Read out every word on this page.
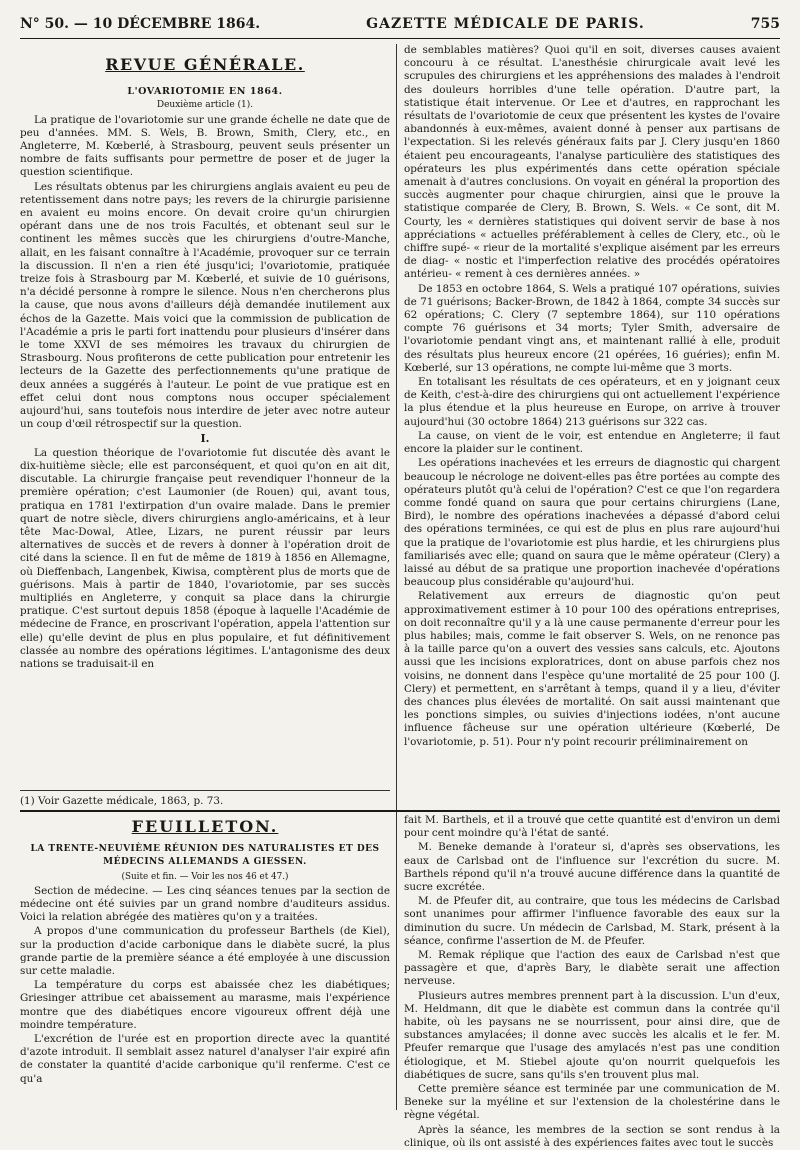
N° 50. — 10 DÉCEMBRE 1864.	GAZETTE MÉDICALE DE PARIS.	755
REVUE GÉNÉRALE.

L'OVARIOTOMIE EN 1864.

Deuxième article (1).

La pratique de l'ovariotomie sur une grande échelle ne date que de peu d'années. MM. S. Wels, B. Brown, Smith, Clery, etc., en Angleterre, M. Kœberlé, à Strasbourg, peuvent seuls présenter un nombre de faits suffisants pour permettre de poser et de juger la question scientifique.

Les résultats obtenus par les chirurgiens anglais avaient eu peu de retentissement dans notre pays; les revers de la chirurgie parisienne en avaient eu moins encore. On devait croire qu'un chirurgien opérant dans une de nos trois Facultés, et obtenant seul sur le continent les mêmes succès que les chirurgiens d'outre-Manche, allait, en les faisant connaître à l'Académie, provoquer sur ce terrain la discussion. Il n'en a rien été jusqu'ici; l'ovariotomie, pratiquée treize fois à Strasbourg par M. Kœberlé, et suivie de 10 guérisons, n'a décidé personne à rompre le silence. Nous n'en chercherons plus la cause, que nous avons d'ailleurs déjà demandée inutilement aux échos de la Gazette. Mais voici que la commission de publication de l'Académie a pris le parti fort inattendu pour plusieurs d'insérer dans le tome XXVI de ses mémoires les travaux du chirurgien de Strasbourg. Nous profiterons de cette publication pour entretenir les lecteurs de la Gazette des perfectionnements qu'une pratique de deux années a suggérés à l'auteur. Le point de vue pratique est en effet celui dont nous comptons nous occuper spécialement aujourd'hui, sans toutefois nous interdire de jeter avec notre auteur un coup d'œil rétrospectif sur la question.

I.

La question théorique de l'ovariotomie fut discutée dès avant le dix-huitième siècle; elle est parconséquent, et quoi qu'on en ait dit, discutable. La chirurgie française peut revendiquer l'honneur de la première opération; c'est Laumonier (de Rouen) qui, avant tous, pratiqua en 1781 l'extirpation d'un ovaire malade. Dans le premier quart de notre siècle, divers chirurgiens anglo-américains, et à leur tête Mac-Dowal, Atlee, Lizars, ne purent réussir par leurs alternatives de succès et de revers à donner à l'opération droit de cité dans la science. Il en fut de même de 1819 à 1856 en Allemagne, où Dieffenbach, Langenbek, Kiwisa, comptèrent plus de morts que de guérisons. Mais à partir de 1840, l'ovariotomie, par ses succès multipliés en Angleterre, y conquit sa place dans la chirurgie pratique. C'est surtout depuis 1858 (époque à laquelle l'Académie de médecine de France, en proscrivant l'opération, appela l'attention sur elle) qu'elle devint de plus en plus populaire, et fut définitivement classée au nombre des opérations légitimes. L'antagonisme des deux nations se traduisait-il en

(1) Voir Gazette médicale, 1863, p. 73.

de semblables matières? Quoi qu'il en soit, diverses causes avaient concouru à ce résultat. L'anesthésie chirurgicale avait levé les scrupules des chirurgiens et les appréhensions des malades à l'endroit des douleurs horribles d'une telle opération. D'autre part, la statistique était intervenue. Or Lee et d'autres, en rapprochant les résultats de l'ovariotomie de ceux que présentent les kystes de l'ovaire abandonnés à eux-mêmes, avaient donné à penser aux partisans de l'expectation. Si les relevés généraux faits par J. Clery jusqu'en 1860 étaient peu encourageants, l'analyse particulière des statistiques des opérateurs les plus expérimentés dans cette opération spéciale amenait à d'autres conclusions. On voyait en général la proportion des succès augmenter pour chaque chirurgien, ainsi que le prouve la statistique comparée de Clery, B. Brown, S. Wels. « Ce sont, dit M. Courty, les « dernières statistiques qui doivent servir de base à nos appréciations « actuelles préférablement à celles de Clery, etc., où le chiffre supé- « rieur de la mortalité s'explique aisément par les erreurs de diag- « nostic et l'imperfection relative des procédés opératoires antérieu- « rement à ces dernières années. »

De 1853 en octobre 1864, S. Wels a pratiqué 107 opérations, suivies de 71 guérisons; Backer-Brown, de 1842 à 1864, compte 34 succès sur 62 opérations; C. Clery (7 septembre 1864), sur 110 opérations compte 76 guérisons et 34 morts; Tyler Smith, adversaire de l'ovariotomie pendant vingt ans, et maintenant rallié à elle, produit des résultats plus heureux encore (21 opérées, 16 guéries); enfin M. Kœberlé, sur 13 opérations, ne compte lui-même que 3 morts.

En totalisant les résultats de ces opérateurs, et en y joignant ceux de Keith, c'est-à-dire des chirurgiens qui ont actuellement l'expérience la plus étendue et la plus heureuse en Europe, on arrive à trouver aujourd'hui (30 octobre 1864) 213 guérisons sur 322 cas.

La cause, on vient de le voir, est entendue en Angleterre; il faut encore la plaider sur le continent.

Les opérations inachevées et les erreurs de diagnostic qui chargent beaucoup le nécrologe ne doivent-elles pas être portées au compte des opérateurs plutôt qu'à celui de l'opération? C'est ce que l'on regardera comme fondé quand on saura que pour certains chirurgiens (Lane, Bird), le nombre des opérations inachevées a dépassé d'abord celui des opérations terminées, ce qui est de plus en plus rare aujourd'hui que la pratique de l'ovariotomie est plus hardie, et les chirurgiens plus familiarisés avec elle; quand on saura que le même opérateur (Clery) a laissé au début de sa pratique une proportion inachevée d'opérations beaucoup plus considérable qu'aujourd'hui.

Relativement aux erreurs de diagnostic qu'on peut approximativement estimer à 10 pour 100 des opérations entreprises, on doit reconnaître qu'il y a là une cause permanente d'erreur pour les plus habiles; mais, comme le fait observer S. Wels, on ne renonce pas à la taille parce qu'on a ouvert des vessies sans calculs, etc. Ajoutons aussi que les incisions exploratrices, dont on abuse parfois chez nos voisins, ne donnent dans l'espèce qu'une mortalité de 25 pour 100 (J. Clery) et permettent, en s'arrêtant à temps, quand il y a lieu, d'éviter des chances plus élevées de mortalité. On sait aussi maintenant que les ponctions simples, ou suivies d'injections iodées, n'ont aucune influence fâcheuse sur une opération ultérieure (Kœberlé, De l'ovariotomie, p. 51). Pour n'y point recourir préliminairement on

FEUILLETON.

LA TRENTE-NEUVIÈME RÉUNION DES NATURALISTES ET DES MÉDECINS ALLEMANDS A GIESSEN.

(Suite et fin. — Voir les nos 46 et 47.)

Section de médecine. — Les cinq séances tenues par la section de médecine ont été suivies par un grand nombre d'auditeurs assidus. Voici la relation abrégée des matières qu'on y a traitées.

A propos d'une communication du professeur Barthels (de Kiel), sur la production d'acide carbonique dans le diabète sucré, la plus grande partie de la première séance a été employée à une discussion sur cette maladie.

La température du corps est abaissée chez les diabétiques; Griesinger attribue cet abaissement au marasme, mais l'expérience montre que des diabétiques encore vigoureux offrent déjà une moindre température.

L'excrétion de l'urée est en proportion directe avec la quantité d'azote introduit. Il semblait assez naturel d'analyser l'air expiré afin de constater la quantité d'acide carbonique qu'il renferme. C'est ce qu'a

fait M. Barthels, et il a trouvé que cette quantité est d'environ un demi pour cent moindre qu'à l'état de santé.

M. Beneke demande à l'orateur si, d'après ses observations, les eaux de Carlsbad ont de l'influence sur l'excrétion du sucre. M. Barthels répond qu'il n'a trouvé aucune différence dans la quantité de sucre excrétée.

M. de Pfeufer dit, au contraire, que tous les médecins de Carlsbad sont unanimes pour affirmer l'influence favorable des eaux sur la diminution du sucre. Un médecin de Carlsbad, M. Stark, présent à la séance, confirme l'assertion de M. de Pfeufer.

M. Remak réplique que l'action des eaux de Carlsbad n'est que passagère et que, d'après Bary, le diabète serait une affection nerveuse.

Plusieurs autres membres prennent part à la discussion. L'un d'eux, M. Heldmann, dit que le diabète est commun dans la contrée qu'il habite, où les paysans ne se nourrissent, pour ainsi dire, que de substances amylacées; il donne avec succès les alcalis et le fer. M. Pfeufer remarque que l'usage des amylacés n'est pas une condition étiologique, et M. Stiebel ajoute qu'on nourrit quelquefois les diabétiques de sucre, sans qu'ils s'en trouvent plus mal.

Cette première séance est terminée par une communication de M. Beneke sur la myéline et sur l'extension de la cholestérine dans le règne végétal.

Après la séance, les membres de la section se sont rendus à la clinique, où ils ont assisté à des expériences faites avec tout le succès
